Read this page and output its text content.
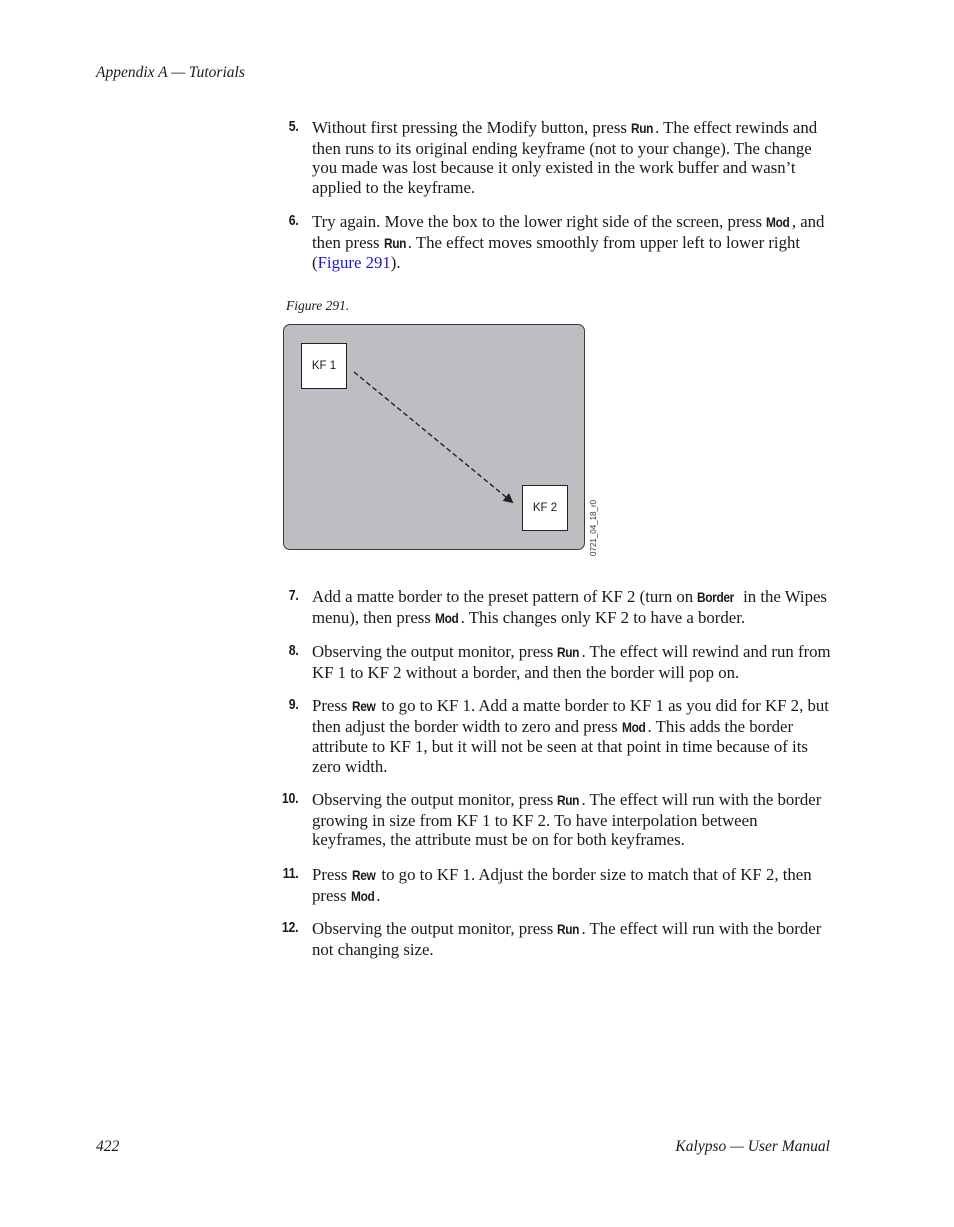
Appendix A — Tutorials
5. Without first pressing the Modify button, press Run . The effect rewinds and then runs to its original ending keyframe (not to your change). The change you made was lost because it only existed in the work buffer and wasn’t applied to the keyframe.
6. Try again. Move the box to the lower right side of the screen, press Mod , and then press Run . The effect moves smoothly from upper left to lower right (Figure 291).
Figure 291.
KF 1
KF 2	0721_04_18_r0
7. Add a matte border to the preset pattern of KF 2 (turn on Border in the Wipes menu), then press Mod . This changes only KF 2 to have a border.
8. Observing the output monitor, press Run . The effect will rewind and run from KF 1 to KF 2 without a border, and then the border will pop on.
9. Press Rew to go to KF 1. Add a matte border to KF 1 as you did for KF 2, but then adjust the border width to zero and press Mod . This adds the border attribute to KF 1, but it will not be seen at that point in time because of its zero width.
10. Observing the output monitor, press Run . The effect will run with the border growing in size from KF 1 to KF 2. To have interpolation between keyframes, the attribute must be on for both keyframes.
11. Press Rew to go to KF 1. Adjust the border size to match that of KF 2, then press Mod .
12. Observing the output monitor, press Run . The effect will run with the border not changing size.
422	Kalypso — User Manual
